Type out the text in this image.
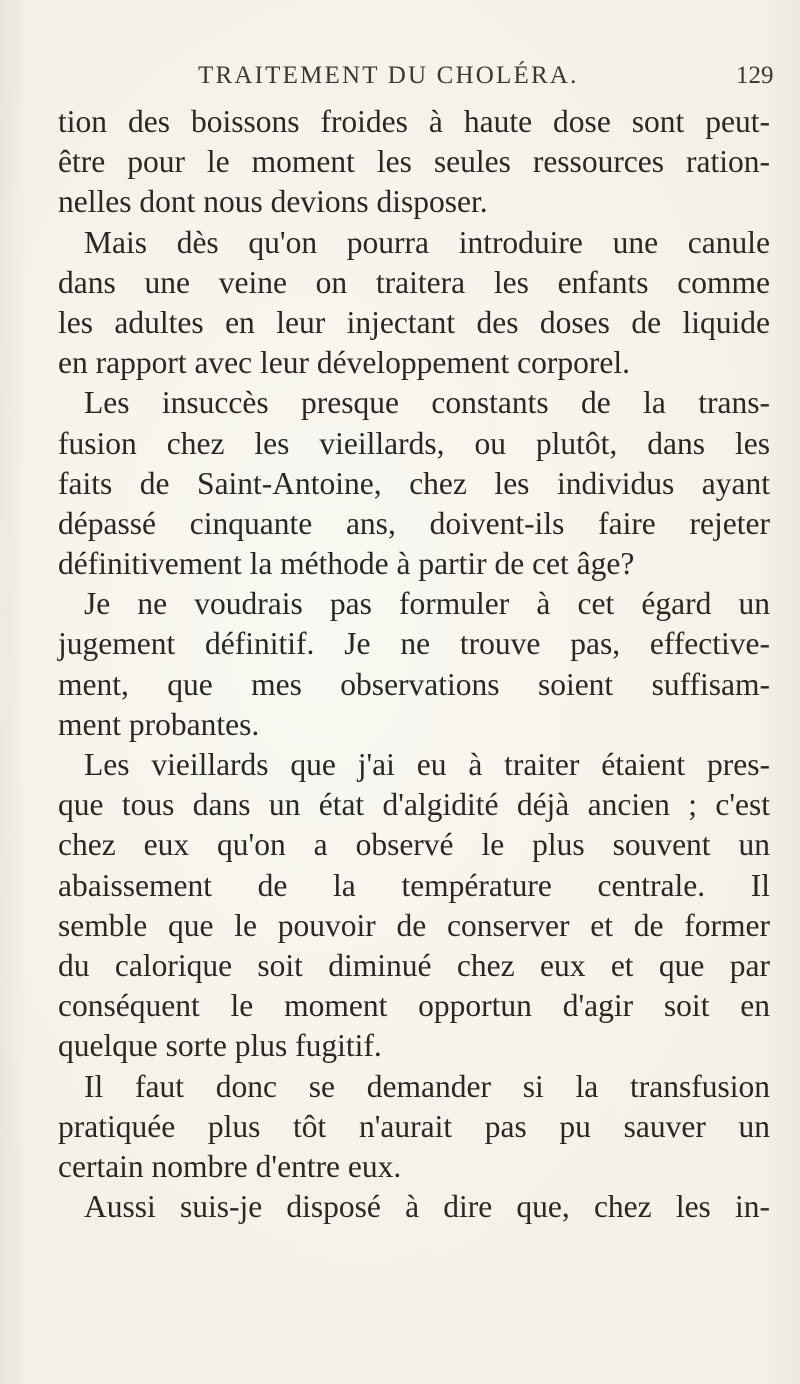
TRAITEMENT DU CHOLÉRA.	129
tion des boissons froides à haute dose sont peut-
être pour le moment les seules ressources ration-
nelles dont nous devions disposer.
Mais dès qu'on pourra introduire une canule
dans une veine on traitera les enfants comme
les adultes en leur injectant des doses de liquide
en rapport avec leur développement corporel.
Les insuccès presque constants de la trans-
fusion chez les vieillards, ou plutôt, dans les
faits de Saint-Antoine, chez les individus ayant
dépassé cinquante ans, doivent-ils faire rejeter
définitivement la méthode à partir de cet âge?
Je ne voudrais pas formuler à cet égard un
jugement définitif. Je ne trouve pas, effective-
ment, que mes observations soient suffisam-
ment probantes.
Les vieillards que j'ai eu à traiter étaient pres-
que tous dans un état d'algidité déjà ancien ; c'est
chez eux qu'on a observé le plus souvent un
abaissement de la température centrale. Il
semble que le pouvoir de conserver et de former
du calorique soit diminué chez eux et que par
conséquent le moment opportun d'agir soit en
quelque sorte plus fugitif.
Il faut donc se demander si la transfusion
pratiquée plus tôt n'aurait pas pu sauver un
certain nombre d'entre eux.
Aussi suis-je disposé à dire que, chez les in-
